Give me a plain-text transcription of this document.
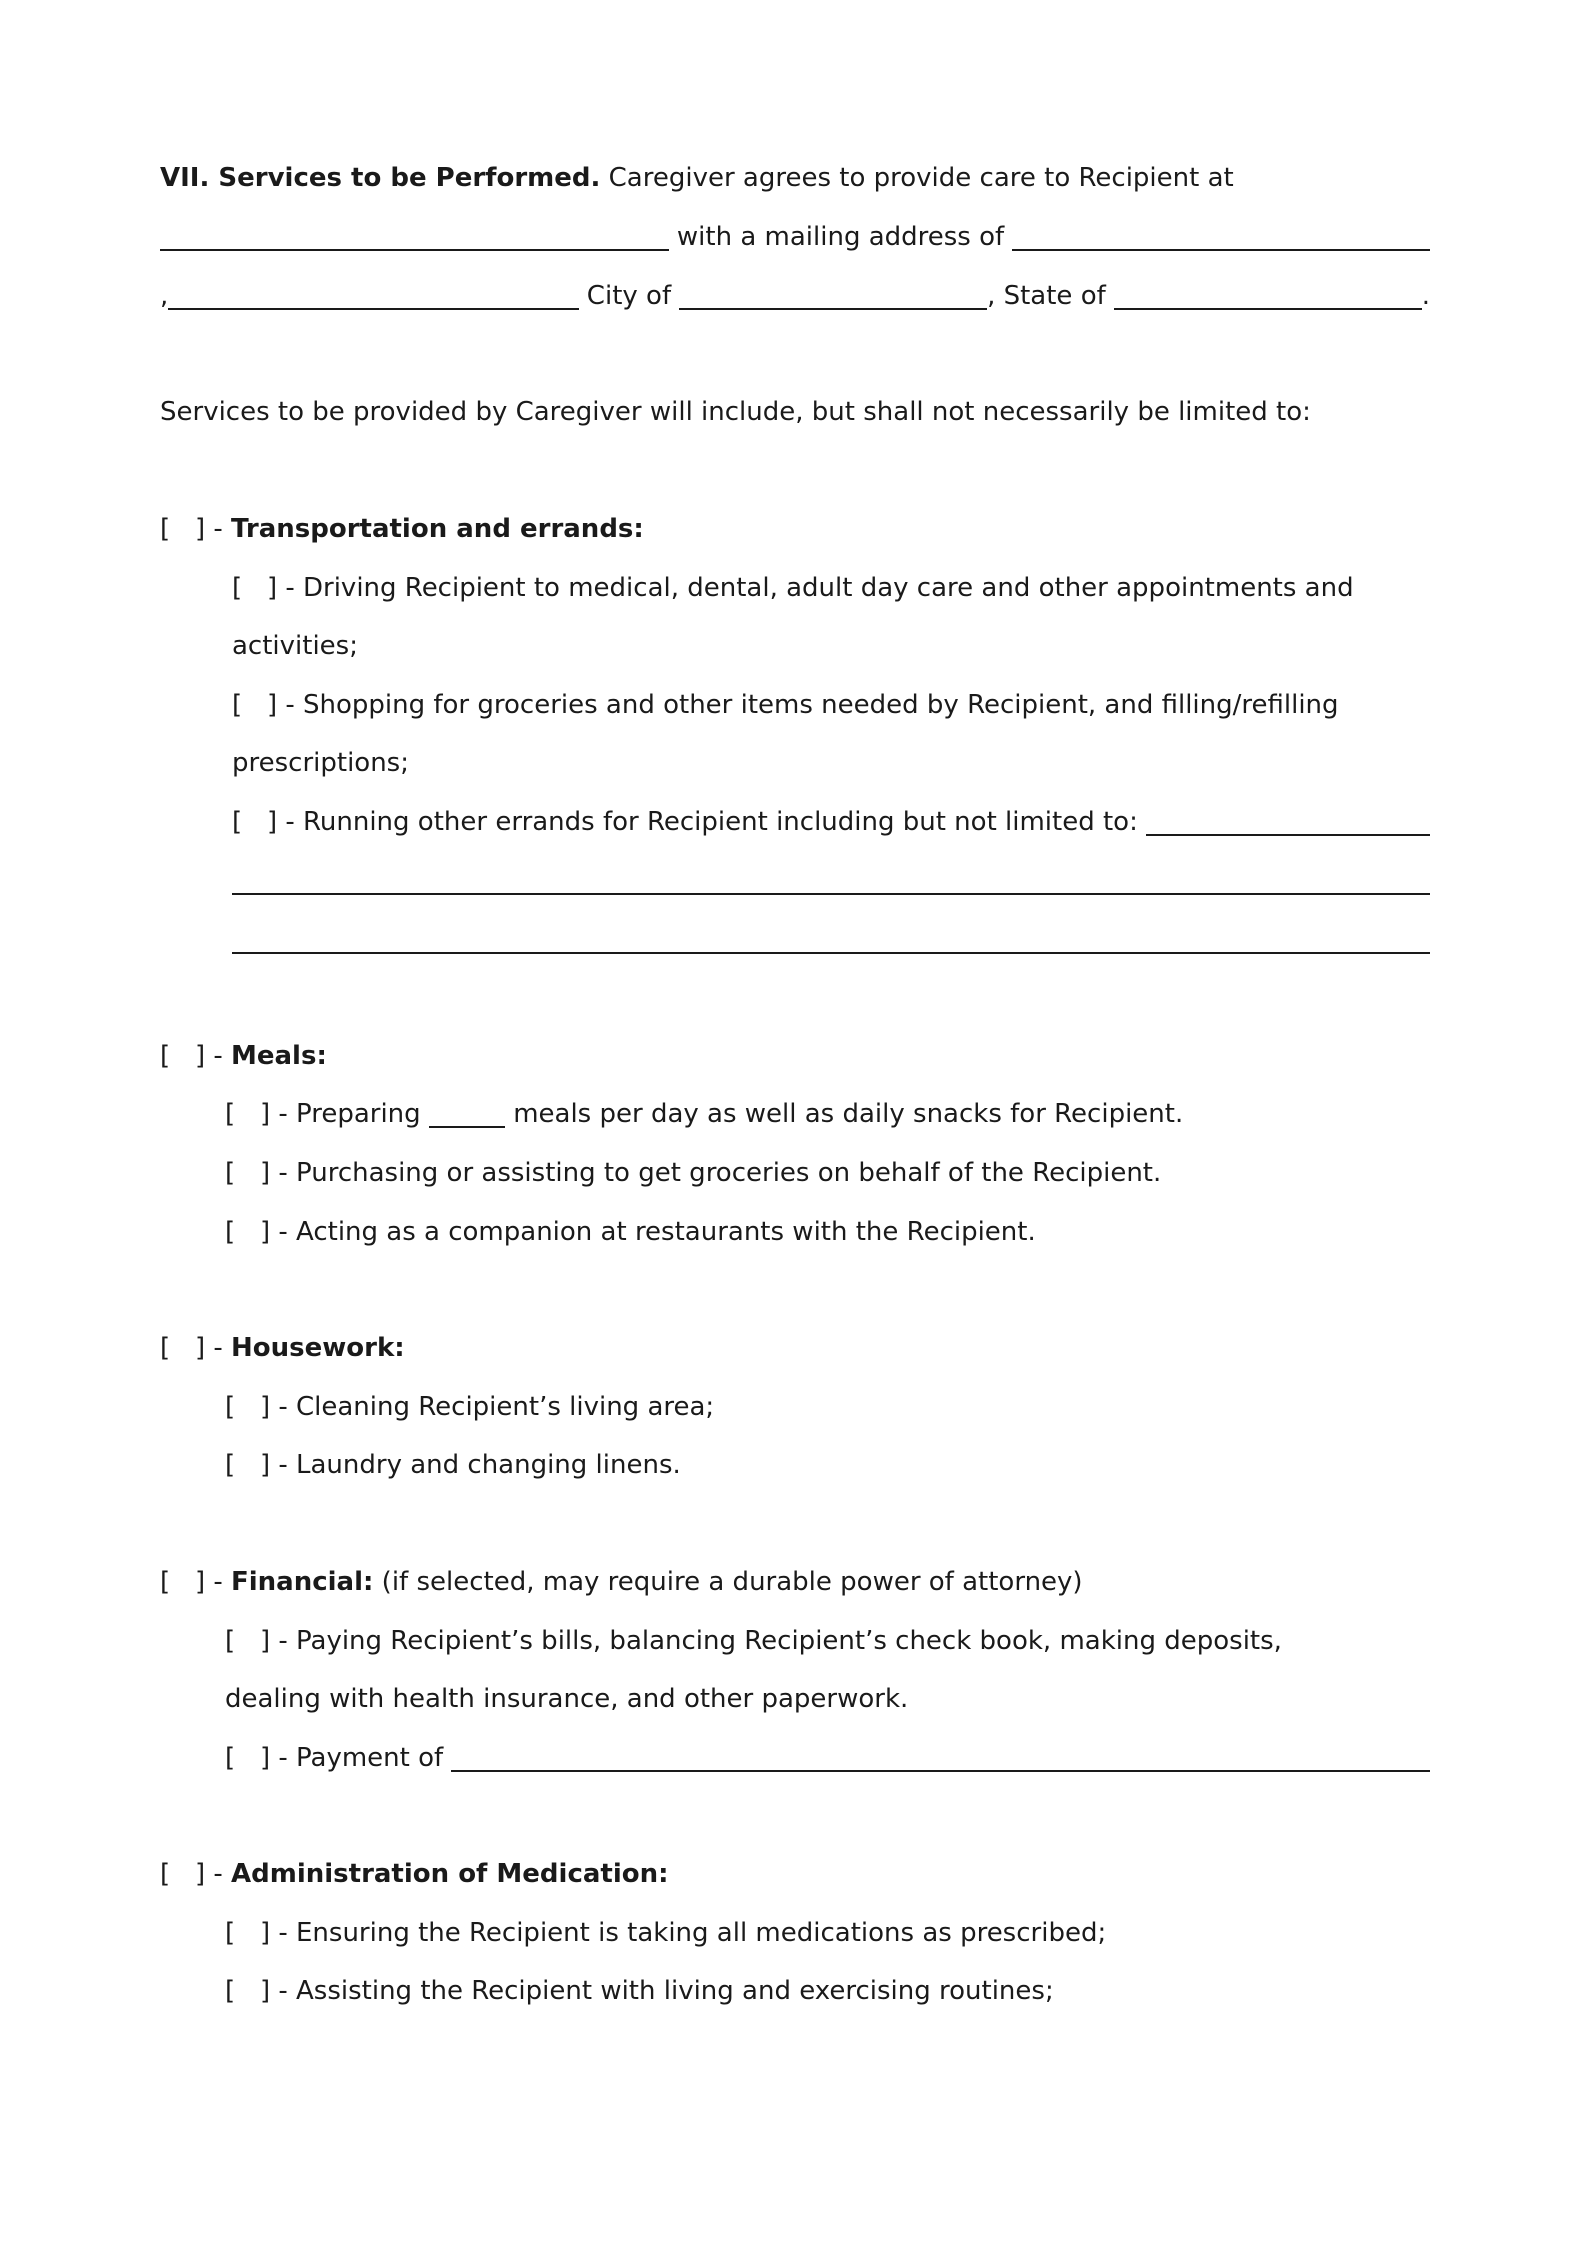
VII. Services to be Performed. Caregiver agrees to provide care to Recipient at
with a mailing address of
,	City of	, State of	.
Services to be provided by Caregiver will include, but shall not necessarily be limited to:
[   ] - Transportation and errands:
[   ] - Driving Recipient to medical, dental, adult day care and other appointments and
activities;
[   ] - Shopping for groceries and other items needed by Recipient, and filling/refilling
prescriptions;
[   ] - Running other errands for Recipient including but not limited to:
[   ] - Meals:
[   ] - Preparing	meals per day as well as daily snacks for Recipient.
[   ] - Purchasing or assisting to get groceries on behalf of the Recipient.
[   ] - Acting as a companion at restaurants with the Recipient.
[   ] - Housework:
[   ] - Cleaning Recipient’s living area;
[   ] - Laundry and changing linens.
[   ] - Financial: (if selected, may require a durable power of attorney)
[   ] - Paying Recipient’s bills, balancing Recipient’s check book, making deposits,
dealing with health insurance, and other paperwork.
[   ] - Payment of
[   ] - Administration of Medication:
[   ] - Ensuring the Recipient is taking all medications as prescribed;
[   ] - Assisting the Recipient with living and exercising routines;
